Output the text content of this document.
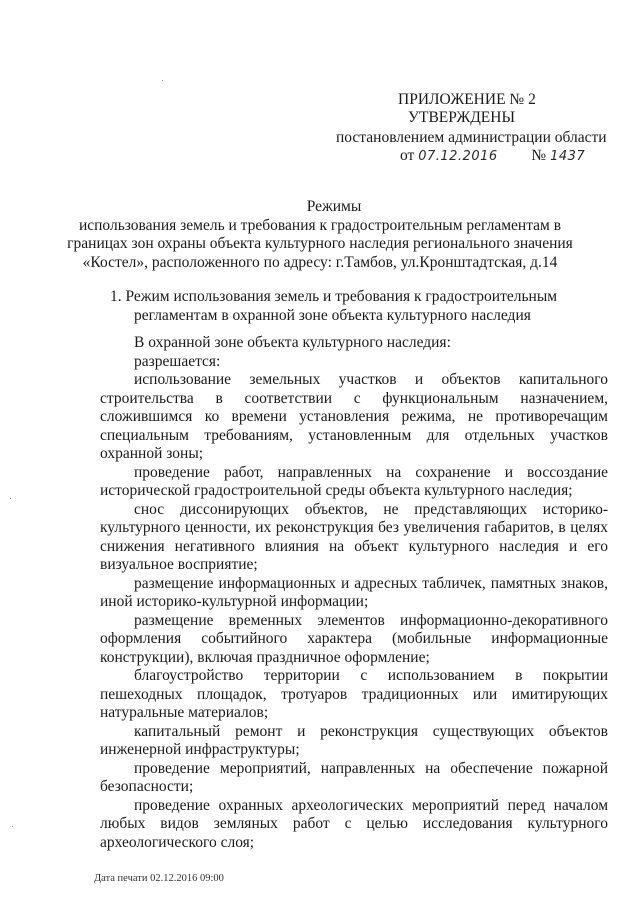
ПРИЛОЖЕНИЕ № 2
УТВЕРЖДЕНЫ
постановлением администрации области
от 07.12.2016 № 1437
Режимы
использования земель и требования к градостроительным регламентам в
границах зон охраны объекта культурного наследия регионального значения
«Костел», расположенного по адресу: г.Тамбов, ул.Кронштадтская, д.14
1. Режим использования земель и требования к градостроительным
регламентам в охранной зоне объекта культурного наследия

В охранной зоне объекта культурного наследия:

разрешается:

использование земельных участков и объектов капитального строительства в соответствии с функциональным назначением, сложившимся ко времени установления режима, не противоречащим специальным требованиям, установленным для отдельных участков охранной зоны;

проведение работ, направленных на сохранение и воссоздание исторической градостроительной среды объекта культурного наследия;

снос диссонирующих объектов, не представляющих историко-культурного ценности, их реконструкция без увеличения габаритов, в целях снижения негативного влияния на объект культурного наследия и его визуальное восприятие;

размещение информационных и адресных табличек, памятных знаков, иной историко-культурной информации;

размещение временных элементов информационно-декоративного оформления событийного характера (мобильные информационные конструкции), включая праздничное оформление;

благоустройство территории с использованием в покрытии пешеходных площадок, тротуаров традиционных или имитирующих натуральные материалов;

капитальный ремонт и реконструкция существующих объектов инженерной инфраструктуры;

проведение мероприятий, направленных на обеспечение пожарной безопасности;

проведение охранных археологических мероприятий перед началом любых видов земляных работ с целью исследования культурного археологического слоя;

Дата печати 02.12.2016 09:00
